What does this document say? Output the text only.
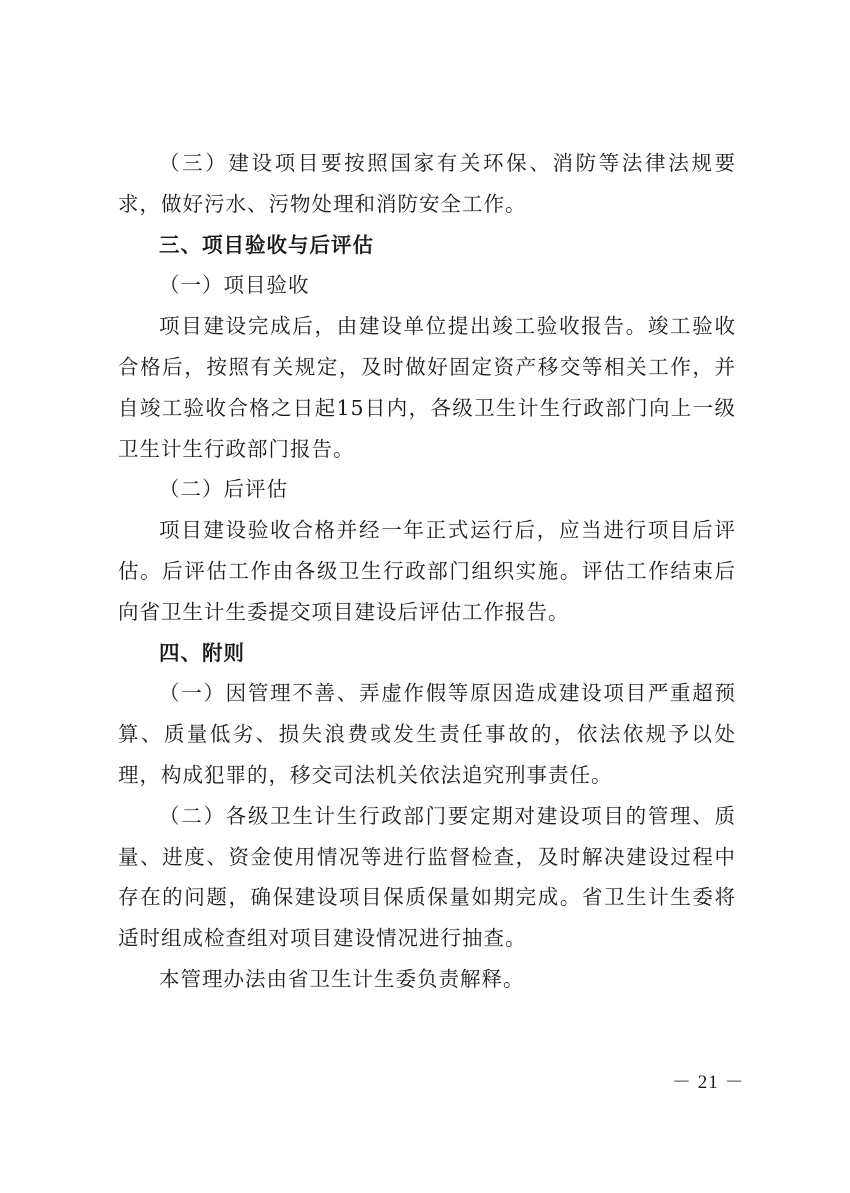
（三）建设项目要按照国家有关环保、消防等法律法规要求，做好污水、污物处理和消防安全工作。

三、项目验收与后评估

（一）项目验收

项目建设完成后，由建设单位提出竣工验收报告。竣工验收合格后，按照有关规定，及时做好固定资产移交等相关工作，并自竣工验收合格之日起15日内，各级卫生计生行政部门向上一级卫生计生行政部门报告。

（二）后评估

项目建设验收合格并经一年正式运行后，应当进行项目后评估。后评估工作由各级卫生行政部门组织实施。评估工作结束后向省卫生计生委提交项目建设后评估工作报告。

四、附则

（一）因管理不善、弄虚作假等原因造成建设项目严重超预算、质量低劣、损失浪费或发生责任事故的，依法依规予以处理，构成犯罪的，移交司法机关依法追究刑事责任。

（二）各级卫生计生行政部门要定期对建设项目的管理、质量、进度、资金使用情况等进行监督检查，及时解决建设过程中存在的问题，确保建设项目保质保量如期完成。省卫生计生委将适时组成检查组对项目建设情况进行抽查。

本管理办法由省卫生计生委负责解释。

－ 21 －
